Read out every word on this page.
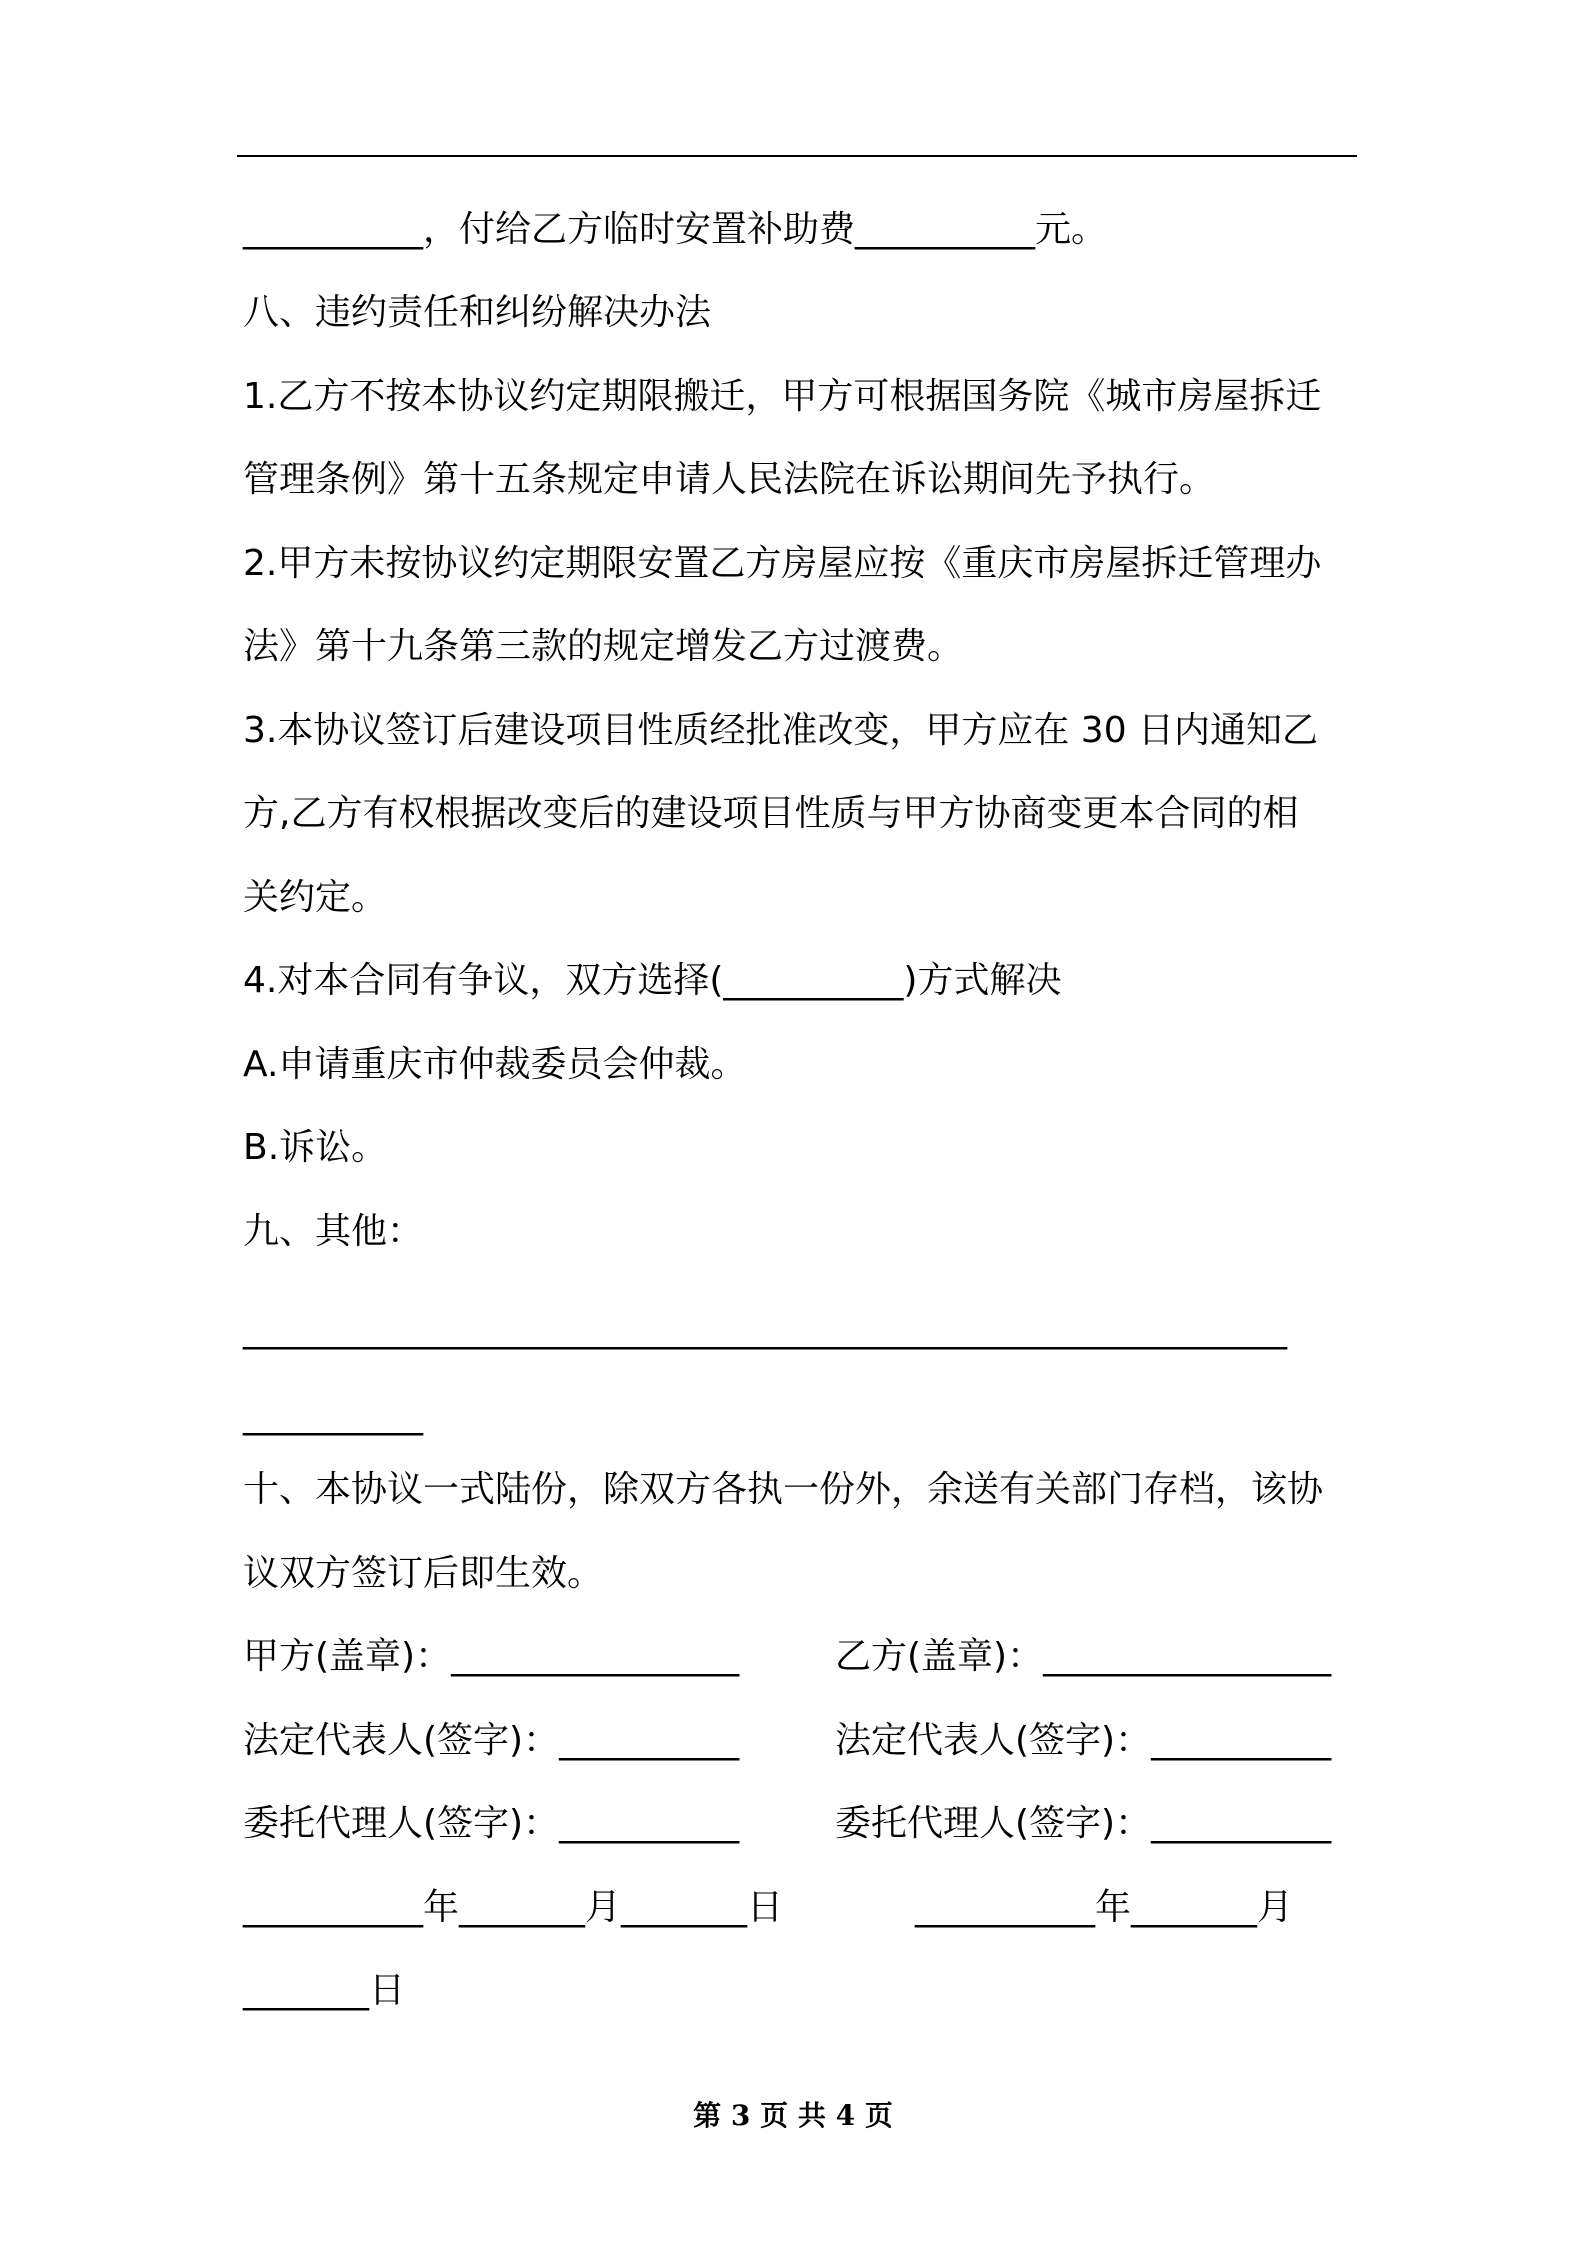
__________，付给乙方临时安置补助费__________元。
八、违约责任和纠纷解决办法
1.乙方不按本协议约定期限搬迁，甲方可根据国务院《城市房屋拆迁
管理条例》第十五条规定申请人民法院在诉讼期间先予执行。
2.甲方未按协议约定期限安置乙方房屋应按《重庆市房屋拆迁管理办
法》第十九条第三款的规定增发乙方过渡费。
3.本协议签订后建设项目性质经批准改变，甲方应在 30 日内通知乙
方,乙方有权根据改变后的建设项目性质与甲方协商变更本合同的相
关约定。
4.对本合同有争议，双方选择(__________)方式解决
A.申请重庆市仲裁委员会仲裁。
B.诉讼。
九、其他：
__________________________________________________________
__________
十、本协议一式陆份，除双方各执一份外，余送有关部门存档，该协
议双方签订后即生效。
甲方(盖章)：________________	乙方(盖章)：________________
法定代表人(签字)：__________	法定代表人(签字)：__________
委托代理人(签字)：__________	委托代理人(签字)：__________
__________年_______月_______日	__________年_______月
_______日
第 3 页 共 4 页
